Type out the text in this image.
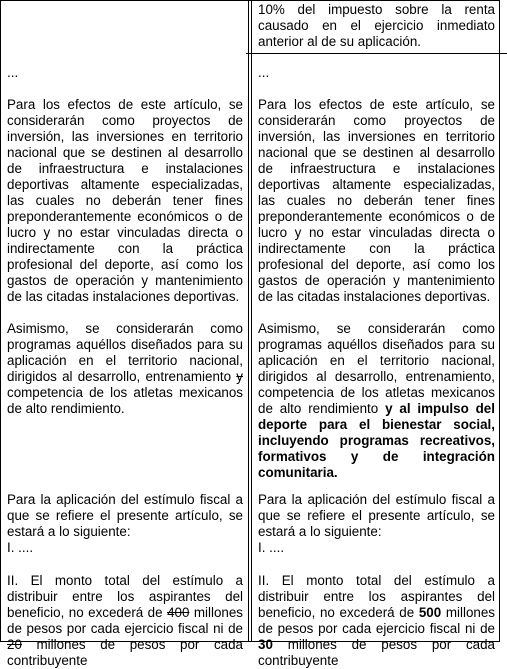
...

Para los efectos de este artículo, se considerarán como proyectos de inversión, las inversiones en territorio nacional que se destinen al desarrollo de infraestructura e instalaciones deportivas altamente especializadas, las cuales no deberán tener fines preponderantemente económicos o de lucro y no estar vinculadas directa o indirectamente con la práctica profesional del deporte, así como los gastos de operación y mantenimiento de las citadas instalaciones deportivas.

Asimismo, se considerarán como programas aquéllos diseñados para su aplicación en el territorio nacional, dirigidos al desarrollo, entrenamiento y competencia de los atletas mexicanos de alto rendimiento.

Para la aplicación del estímulo fiscal a que se refiere el presente artículo, se estará a lo siguiente:

I. ....

II. El monto total del estímulo a distribuir entre los aspirantes del beneficio, no excederá de 400 millones de pesos por cada ejercicio fiscal ni de 20 millones de pesos por cada contribuyente

10% del impuesto sobre la renta causado en el ejercicio inmediato anterior al de su aplicación.

...

Para los efectos de este artículo, se considerarán como proyectos de inversión, las inversiones en territorio nacional que se destinen al desarrollo de infraestructura e instalaciones deportivas altamente especializadas, las cuales no deberán tener fines preponderantemente económicos o de lucro y no estar vinculadas directa o indirectamente con la práctica profesional del deporte, así como los gastos de operación y mantenimiento de las citadas instalaciones deportivas.

Asimismo, se considerarán como programas aquéllos diseñados para su aplicación en el territorio nacional, dirigidos al desarrollo, entrenamiento, competencia de los atletas mexicanos de alto rendimiento y al impulso del deporte para el bienestar social, incluyendo programas recreativos, formativos y de integración comunitaria.

Para la aplicación del estímulo fiscal a que se refiere el presente artículo, se estará a lo siguiente:

I. ....

II. El monto total del estímulo a distribuir entre los aspirantes del beneficio, no excederá de 500 millones de pesos por cada ejercicio fiscal ni de 30 millones de pesos por cada contribuyente
